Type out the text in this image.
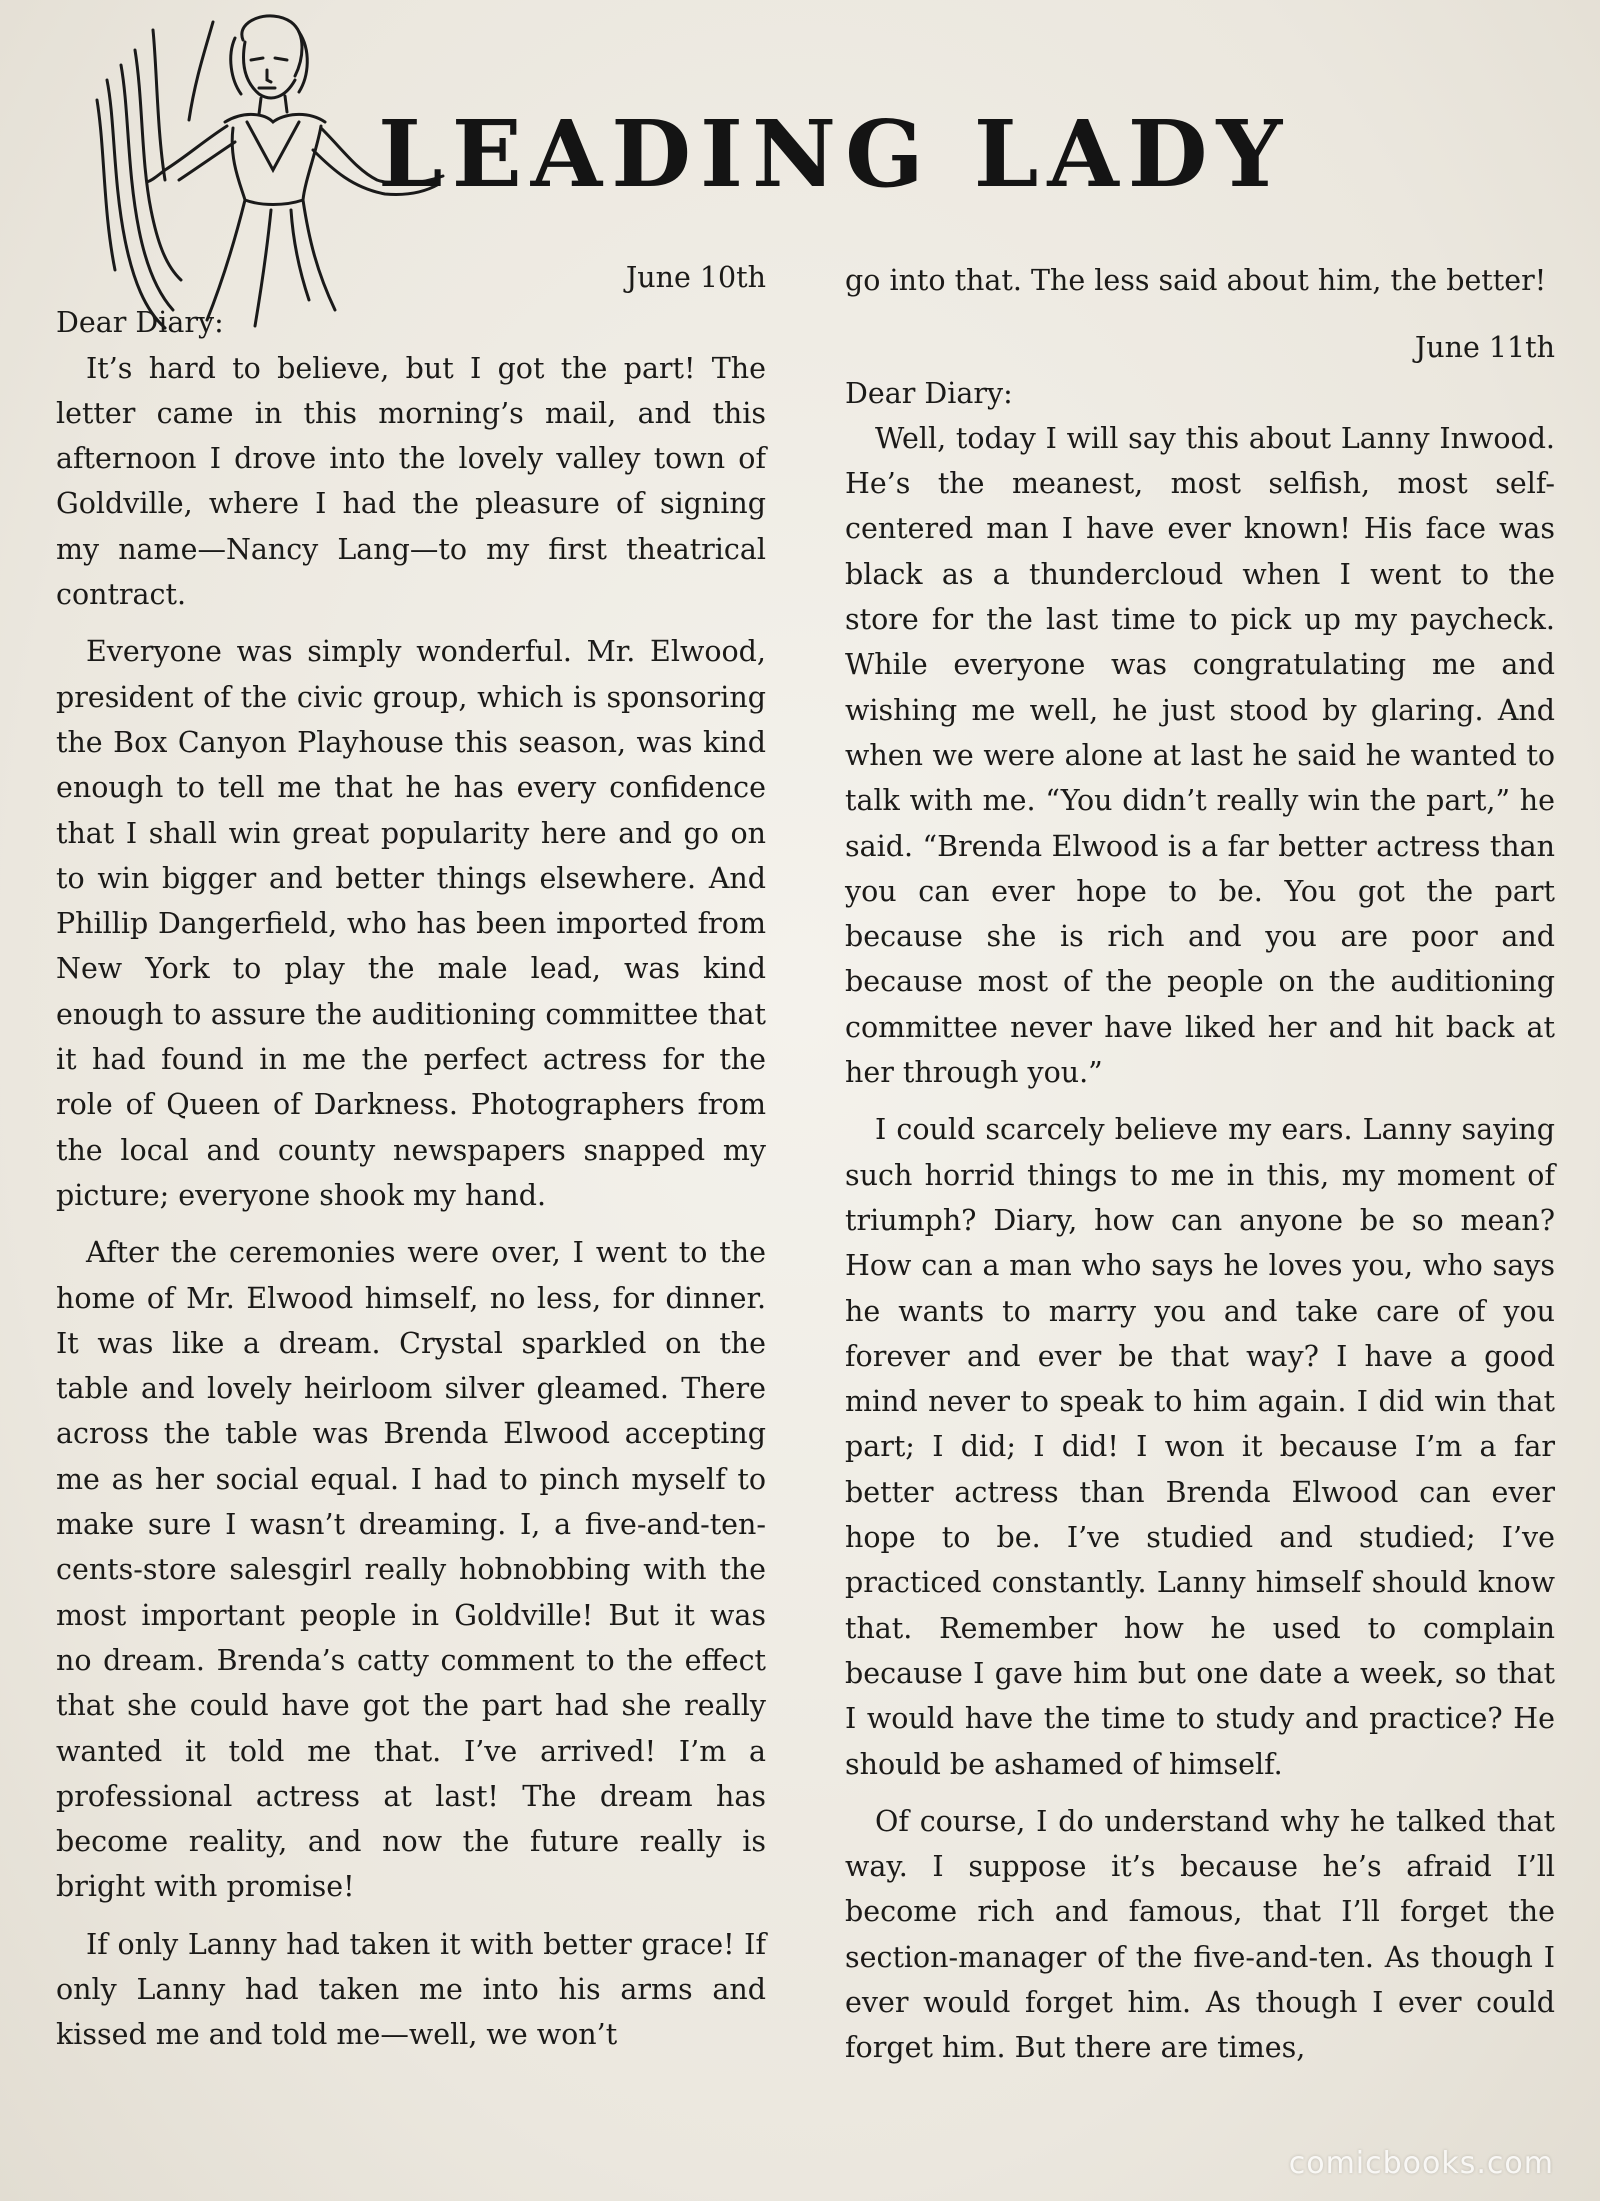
LEADING LADY
June 10th
Dear Diary:

It’s hard to believe, but I got the part! The letter came in this morning’s mail, and this afternoon I drove into the lovely valley town of Goldville, where I had the pleasure of signing my name—Nancy Lang—to my first theatrical contract.

Everyone was simply wonderful. Mr. Elwood, president of the civic group, which is sponsoring the Box Canyon Playhouse this season, was kind enough to tell me that he has every confidence that I shall win great popularity here and go on to win bigger and better things elsewhere. And Phillip Dangerfield, who has been imported from New York to play the male lead, was kind enough to assure the auditioning committee that it had found in me the perfect actress for the role of Queen of Darkness. Photographers from the local and county newspapers snapped my picture; everyone shook my hand.

After the ceremonies were over, I went to the home of Mr. Elwood himself, no less, for dinner. It was like a dream. Crystal sparkled on the table and lovely heirloom silver gleamed. There across the table was Brenda Elwood accepting me as her social equal. I had to pinch myself to make sure I wasn’t dreaming. I, a five-and-ten-cents-store salesgirl really hobnobbing with the most important people in Goldville! But it was no dream. Brenda’s catty comment to the effect that she could have got the part had she really wanted it told me that. I’ve arrived! I’m a professional actress at last! The dream has become reality, and now the future really is bright with promise!

If only Lanny had taken it with better grace! If only Lanny had taken me into his arms and kissed me and told me—well, we won’t

go into that. The less said about him, the better!

June 11th
Dear Diary:

Well, today I will say this about Lanny Inwood. He’s the meanest, most selfish, most self-centered man I have ever known! His face was black as a thundercloud when I went to the store for the last time to pick up my paycheck. While everyone was congratulating me and wishing me well, he just stood by glaring. And when we were alone at last he said he wanted to talk with me. “You didn’t really win the part,” he said. “Brenda Elwood is a far better actress than you can ever hope to be. You got the part because she is rich and you are poor and because most of the people on the auditioning committee never have liked her and hit back at her through you.”

I could scarcely believe my ears. Lanny saying such horrid things to me in this, my moment of triumph? Diary, how can anyone be so mean? How can a man who says he loves you, who says he wants to marry you and take care of you forever and ever be that way? I have a good mind never to speak to him again. I did win that part; I did; I did! I won it because I’m a far better actress than Brenda Elwood can ever hope to be. I’ve studied and studied; I’ve practiced constantly. Lanny himself should know that. Remember how he used to complain because I gave him but one date a week, so that I would have the time to study and practice? He should be ashamed of himself.

Of course, I do understand why he talked that way. I suppose it’s because he’s afraid I’ll become rich and famous, that I’ll forget the section-manager of the five-and-ten. As though I ever would forget him. As though I ever could forget him. But there are times,

comicbooks.com
